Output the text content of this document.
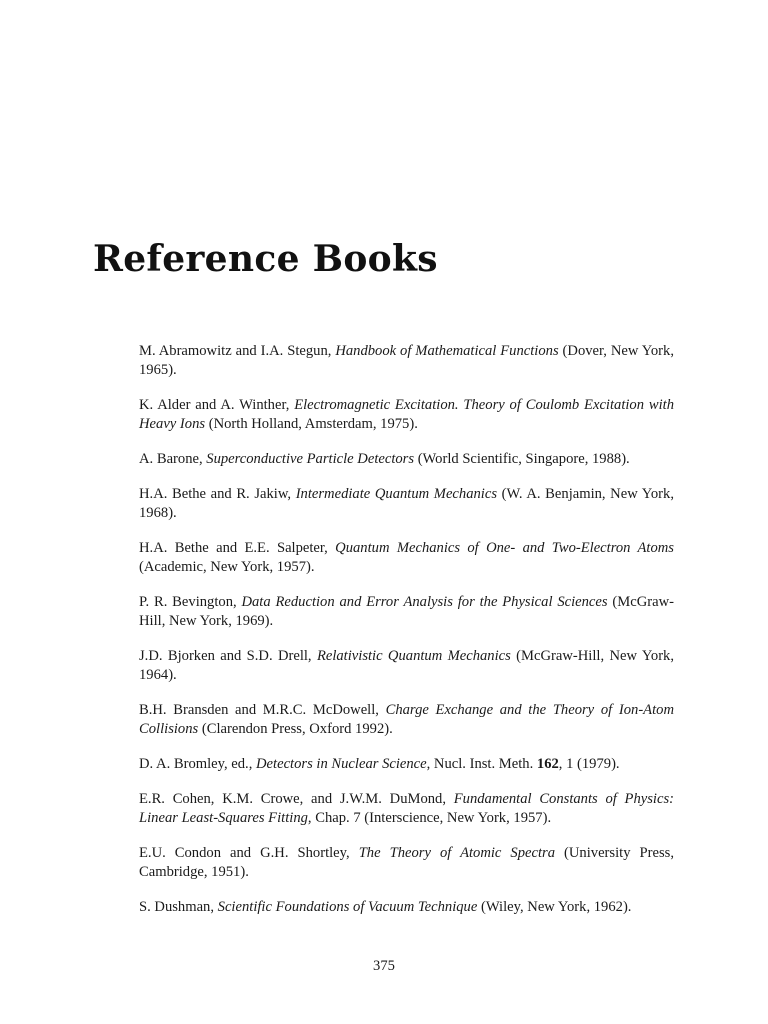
Reference Books
M. Abramowitz and I.A. Stegun, Handbook of Mathematical Functions (Dover, New York, 1965).
K. Alder and A. Winther, Electromagnetic Excitation. Theory of Coulomb Excitation with Heavy Ions (North Holland, Amsterdam, 1975).
A. Barone, Superconductive Particle Detectors (World Scientific, Singapore, 1988).
H.A. Bethe and R. Jakiw, Intermediate Quantum Mechanics (W. A. Benjamin, New York, 1968).
H.A. Bethe and E.E. Salpeter, Quantum Mechanics of One- and Two-Electron Atoms (Academic, New York, 1957).
P. R. Bevington, Data Reduction and Error Analysis for the Physical Sciences (McGraw-Hill, New York, 1969).
J.D. Bjorken and S.D. Drell, Relativistic Quantum Mechanics (McGraw-Hill, New York, 1964).
B.H. Bransden and M.R.C. McDowell, Charge Exchange and the Theory of Ion-Atom Collisions (Clarendon Press, Oxford 1992).
D. A. Bromley, ed., Detectors in Nuclear Science, Nucl. Inst. Meth. 162, 1 (1979).
E.R. Cohen, K.M. Crowe, and J.W.M. DuMond, Fundamental Constants of Physics: Linear Least-Squares Fitting, Chap. 7 (Interscience, New York, 1957).
E.U. Condon and G.H. Shortley, The Theory of Atomic Spectra (University Press, Cambridge, 1951).
S. Dushman, Scientific Foundations of Vacuum Technique (Wiley, New York, 1962).
375
